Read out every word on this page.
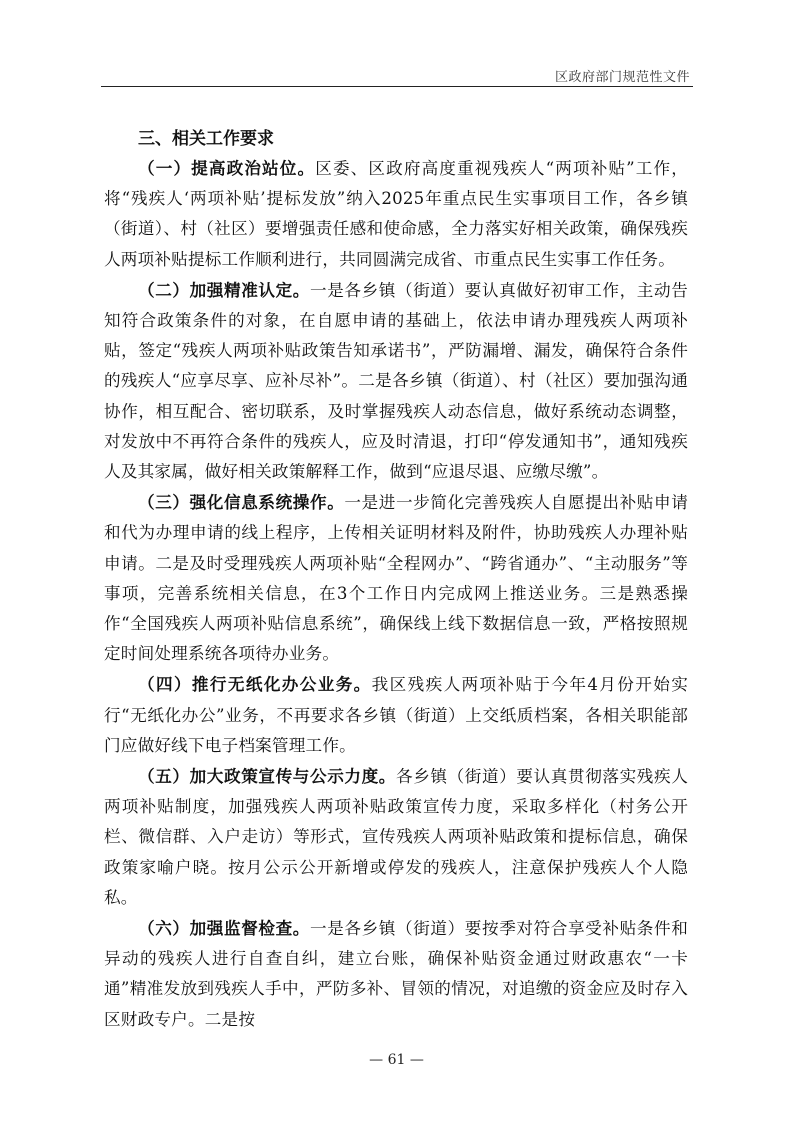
区政府部门规范性文件
三、相关工作要求

（一）提高政治站位。区委、区政府高度重视残疾人“两项补贴”工作，将“残疾人‘两项补贴’提标发放”纳入2025年重点民生实事项目工作，各乡镇（街道）、村（社区）要增强责任感和使命感，全力落实好相关政策，确保残疾人两项补贴提标工作顺利进行，共同圆满完成省、市重点民生实事工作任务。

（二）加强精准认定。一是各乡镇（街道）要认真做好初审工作，主动告知符合政策条件的对象，在自愿申请的基础上，依法申请办理残疾人两项补贴，签定“残疾人两项补贴政策告知承诺书”，严防漏增、漏发，确保符合条件的残疾人“应享尽享、应补尽补”。二是各乡镇（街道）、村（社区）要加强沟通协作，相互配合、密切联系，及时掌握残疾人动态信息，做好系统动态调整，对发放中不再符合条件的残疾人，应及时清退，打印“停发通知书”，通知残疾人及其家属，做好相关政策解释工作，做到“应退尽退、应缴尽缴”。

（三）强化信息系统操作。一是进一步简化完善残疾人自愿提出补贴申请和代为办理申请的线上程序，上传相关证明材料及附件，协助残疾人办理补贴申请。二是及时受理残疾人两项补贴“全程网办”、“跨省通办”、“主动服务”等事项，完善系统相关信息，在3个工作日内完成网上推送业务。三是熟悉操作“全国残疾人两项补贴信息系统”，确保线上线下数据信息一致，严格按照规定时间处理系统各项待办业务。

（四）推行无纸化办公业务。我区残疾人两项补贴于今年4月份开始实行“无纸化办公”业务，不再要求各乡镇（街道）上交纸质档案，各相关职能部门应做好线下电子档案管理工作。

（五）加大政策宣传与公示力度。各乡镇（街道）要认真贯彻落实残疾人两项补贴制度，加强残疾人两项补贴政策宣传力度，采取多样化（村务公开栏、微信群、入户走访）等形式，宣传残疾人两项补贴政策和提标信息，确保政策家喻户晓。按月公示公开新增或停发的残疾人，注意保护残疾人个人隐私。

（六）加强监督检查。一是各乡镇（街道）要按季对符合享受补贴条件和异动的残疾人进行自查自纠，建立台账，确保补贴资金通过财政惠农“一卡通”精准发放到残疾人手中，严防多补、冒领的情况，对追缴的资金应及时存入区财政专户。二是按

— 61 —
